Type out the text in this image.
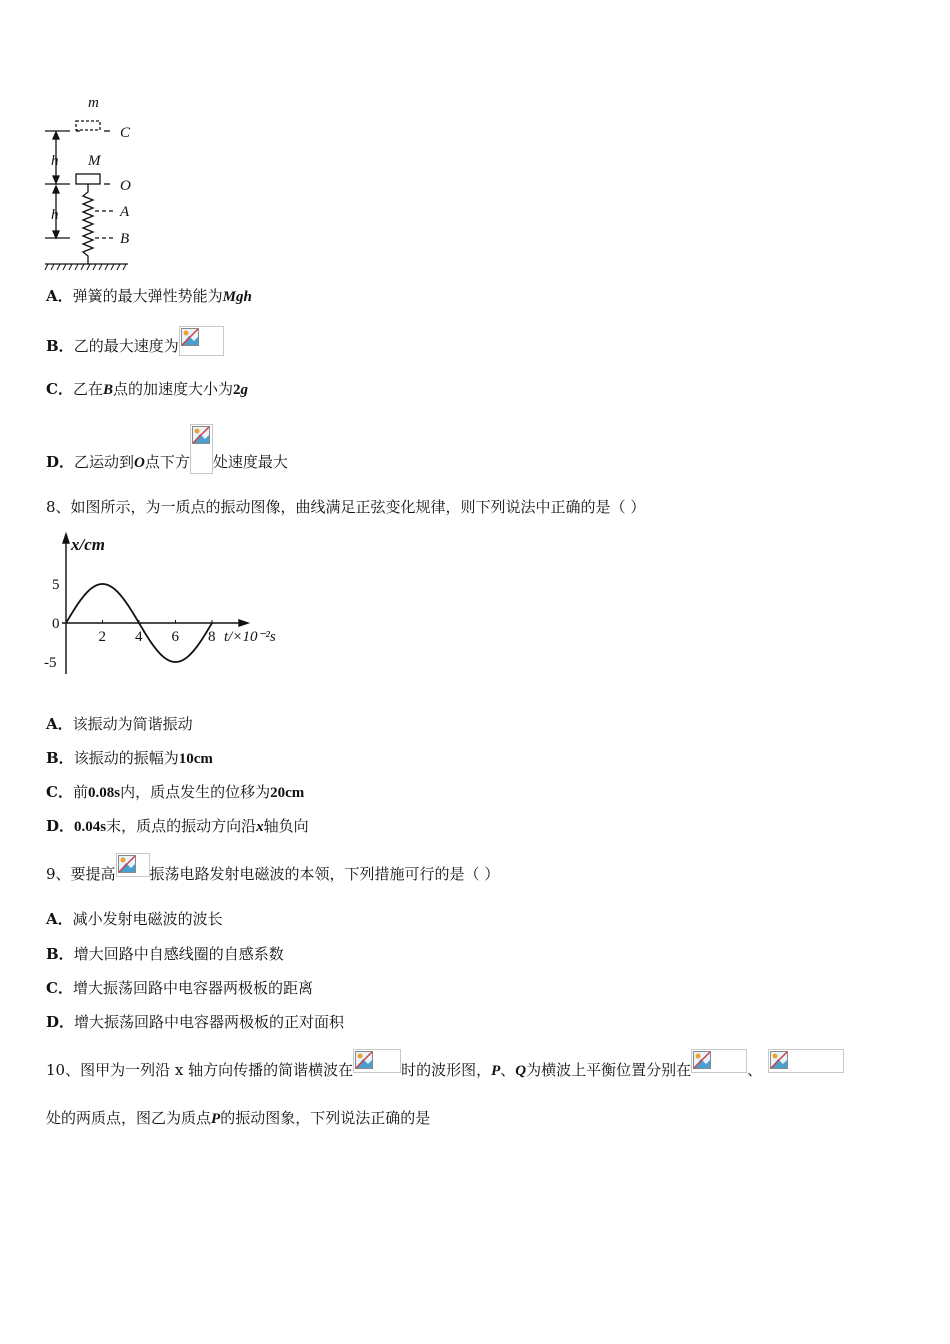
m
M
C
O
A
B
h
h
A．弹簧的最大弹性势能为Mgh
B．乙的最大速度为
C．乙在B点的加速度大小为2g
D．乙运动到O点下方 处速度最大
8、如图所示，为一质点的振动图像，曲线满足正弦变化规律，则下列说法中正确的是（ ）
2 4 6 8
5
0
-5
x/cm
t/×10⁻²s
A．该振动为简谐振动
B．该振动的振幅为10cm
C．前0.08s内，质点发生的位移为20cm
D．0.04s末，质点的振动方向沿x轴负向
9、要提高 振荡电路发射电磁波的本领，下列措施可行的是（ ）
A．减小发射电磁波的波长
B．增大回路中自感线圈的自感系数
C．增大振荡回路中电容器两极板的距离
D．增大振荡回路中电容器两极板的正对面积
10、图甲为一列沿 x 轴方向传播的简谐横波在	时的波形图，P、Q为横波上平衡位置分别在	、
处的两质点，图乙为质点P的振动图象，下列说法正确的是
